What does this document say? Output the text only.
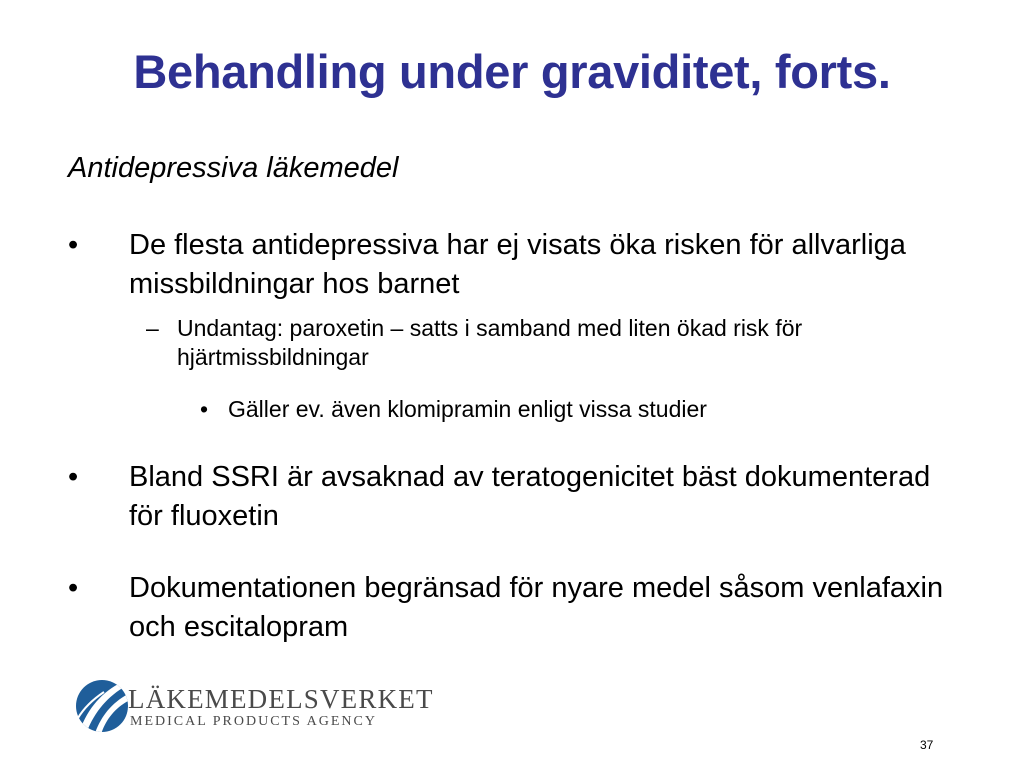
Behandling under graviditet, forts.
Antidepressiva läkemedel
• De flesta antidepressiva har ej visats öka risken för allvarliga missbildningar hos barnet
– Undantag: paroxetin – satts i samband med liten ökad risk för hjärtmissbildningar
• Gäller ev. även klomipramin enligt vissa studier
• Bland SSRI är avsaknad av teratogenicitet bäst dokumenterad för fluoxetin
• Dokumentationen begränsad för nyare medel såsom venlafaxin och escitalopram
LÄKEMEDELSVERKET
MEDICAL PRODUCTS AGENCY
37
